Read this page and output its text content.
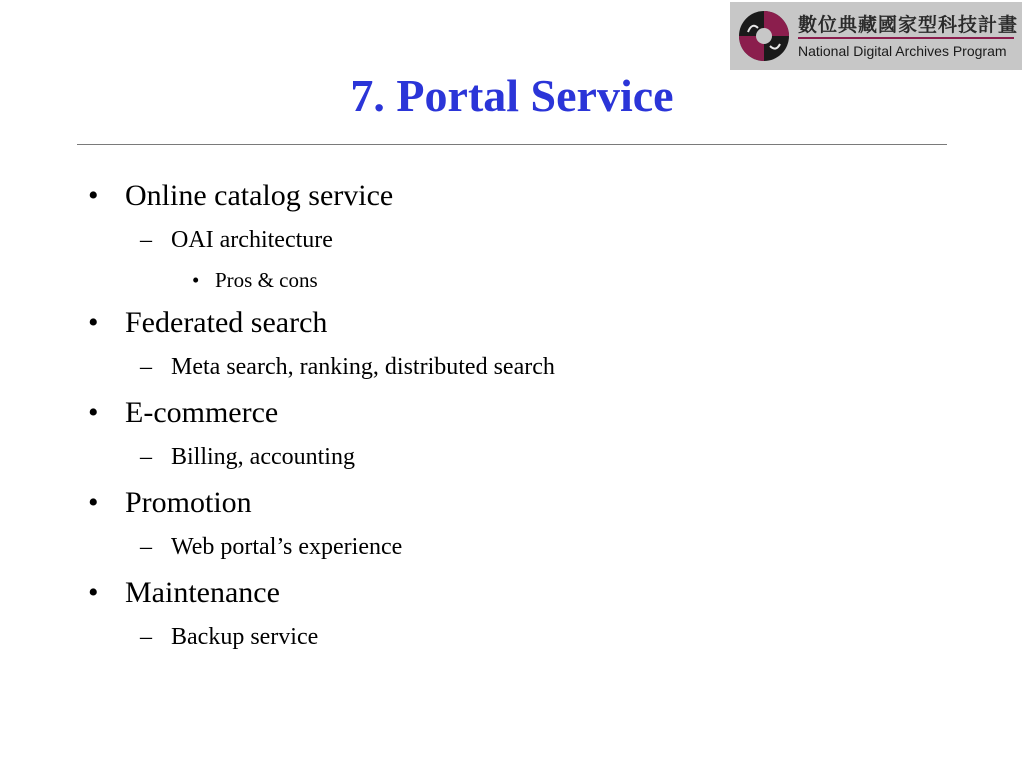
數位典藏國家型科技計畫
National Digital Archives Program
7. Portal Service
• Online catalog service
– OAI architecture
• Pros & cons
• Federated search
– Meta search, ranking, distributed search
• E-commerce
– Billing, accounting
• Promotion
– Web portal’s experience
• Maintenance
– Backup service
